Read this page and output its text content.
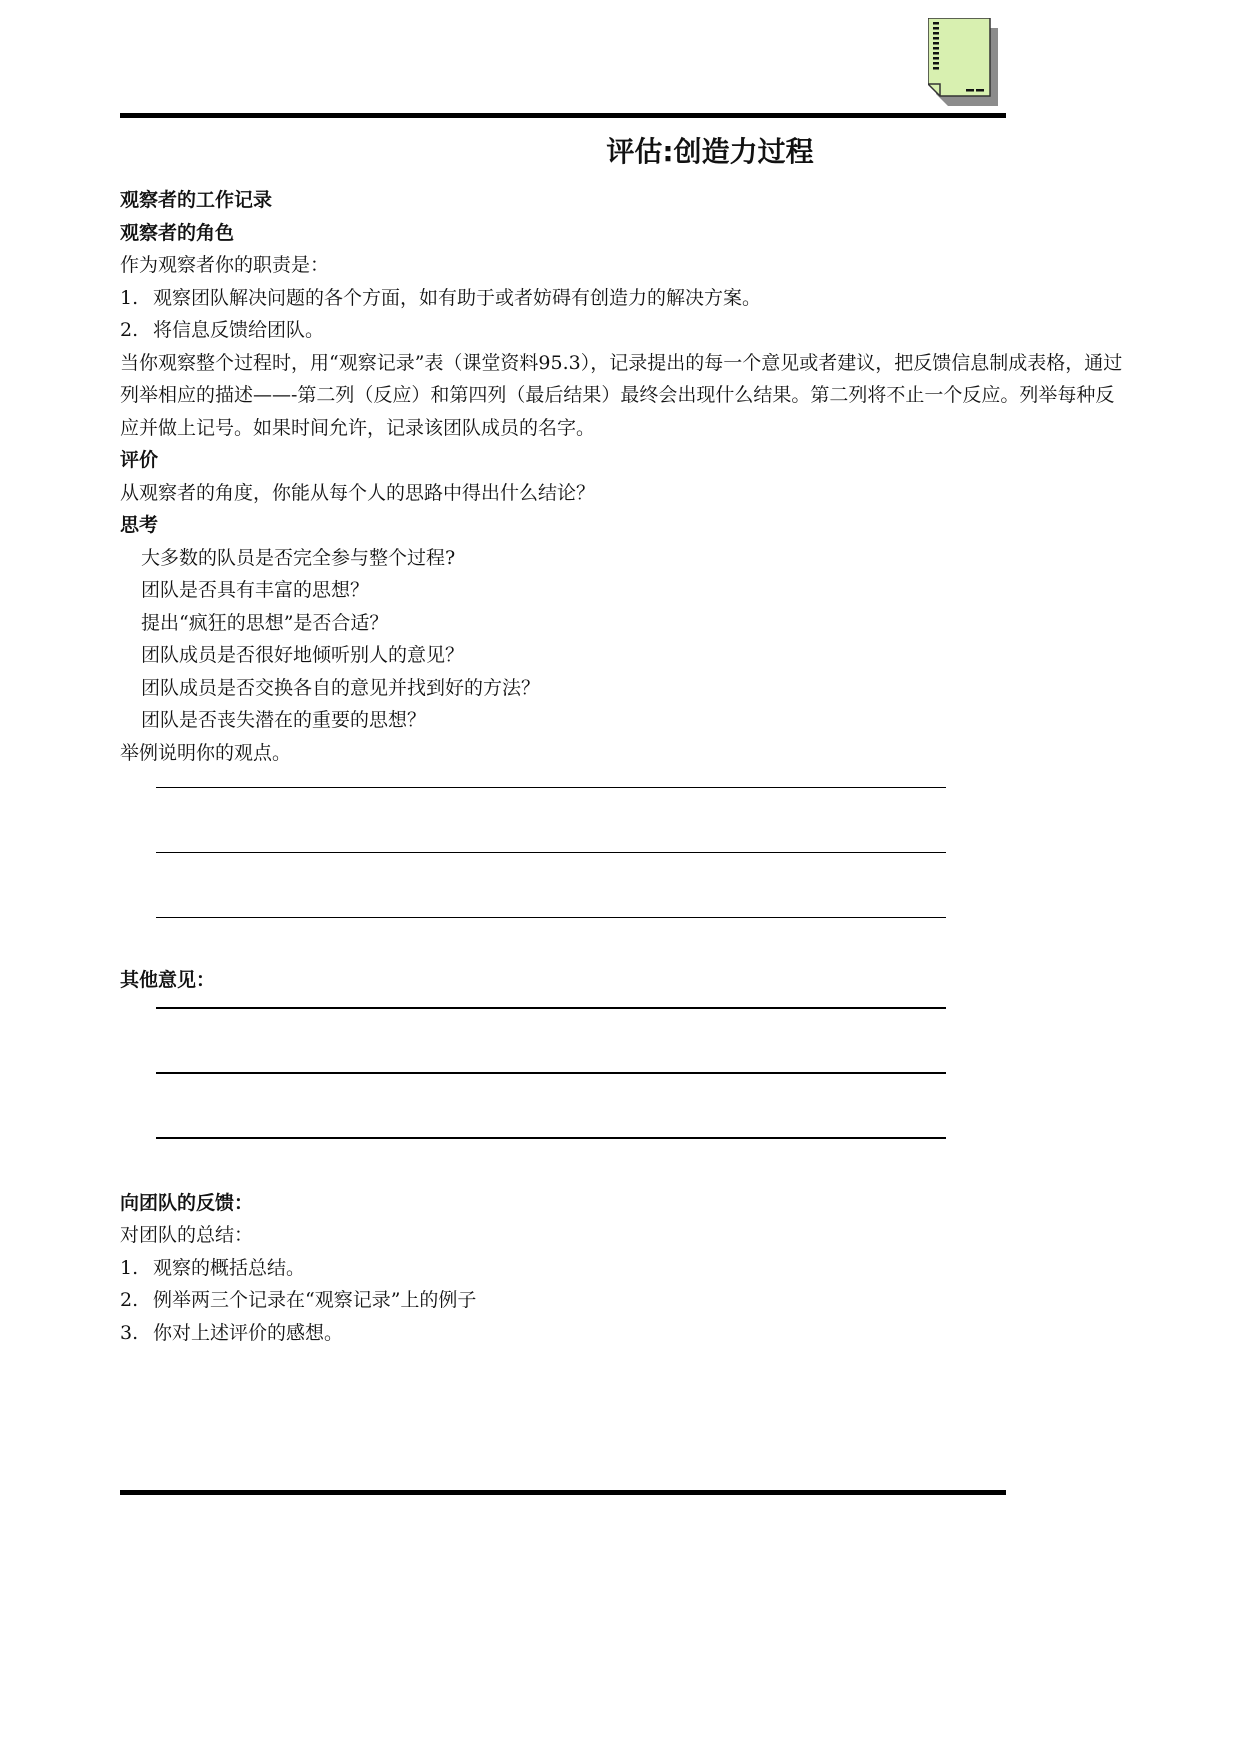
评估:创造力过程

观察者的工作记录

观察者的角色

作为观察者你的职责是：

1. 观察团队解决问题的各个方面，如有助于或者妨碍有创造力的解决方案。

2. 将信息反馈给团队。

当你观察整个过程时，用“观察记录”表（课堂资料95.3），记录提出的每一个意见或者建议，把反馈信息制成表格，通过列举相应的描述——-第二列（反应）和第四列（最后结果）最终会出现什么结果。第二列将不止一个反应。列举每种反应并做上记号。如果时间允许，记录该团队成员的名字。

评价

从观察者的角度，你能从每个人的思路中得出什么结论？

思考

大多数的队员是否完全参与整个过程?

团队是否具有丰富的思想？

提出“疯狂的思想”是否合适？

团队成员是否很好地倾听别人的意见？

团队成员是否交换各自的意见并找到好的方法？

团队是否丧失潜在的重要的思想？

举例说明你的观点。

其他意见：

向团队的反馈：

对团队的总结：

1. 观察的概括总结。

2. 例举两三个记录在“观察记录”上的例子

3. 你对上述评价的感想。
